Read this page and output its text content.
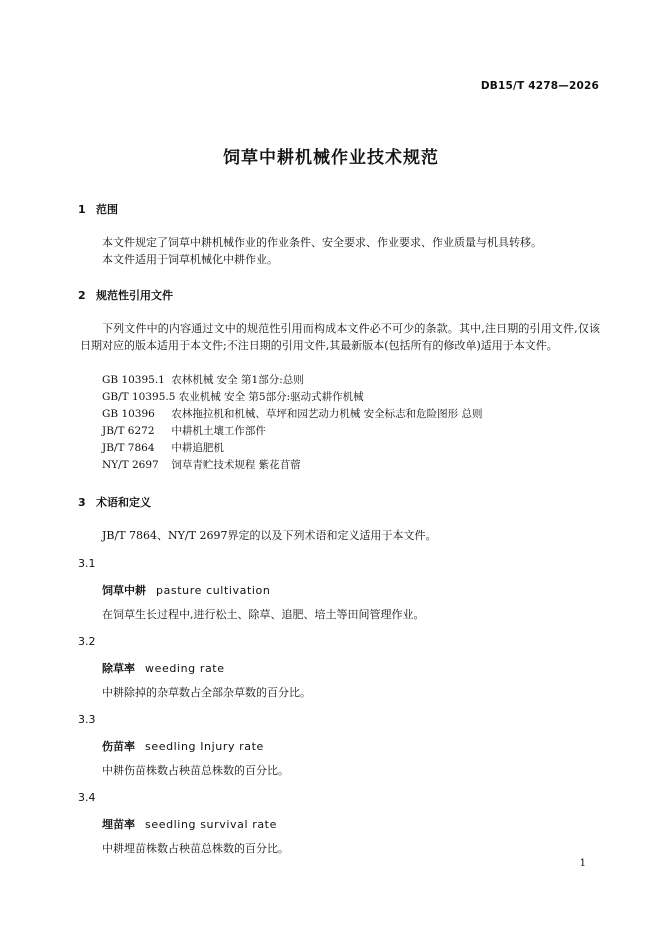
DB15/T 4278—2026
饲草中耕机械作业技术规范
1 范围
本文件规定了饲草中耕机械作业的作业条件、安全要求、作业要求、作业质量与机具转移。
本文件适用于饲草机械化中耕作业。
2 规范性引用文件
下列文件中的内容通过文中的规范性引用而构成本文件必不可少的条款。其中,注日期的引用文件,仅该日期对应的版本适用于本文件;不注日期的引用文件,其最新版本(包括所有的修改单)适用于本文件。
GB 10395.1 农林机械 安全 第1部分:总则
GB/T 10395.5 农业机械 安全 第5部分:驱动式耕作机械
GB 10396 农林拖拉机和机械、草坪和园艺动力机械 安全标志和危险图形 总则
JB/T 6272 中耕机土壤工作部件
JB/T 7864 中耕追肥机
NY/T 2697 饲草青贮技术规程 紫花苜蓿
3 术语和定义
JB/T 7864、NY/T 2697界定的以及下列术语和定义适用于本文件。
3.1
饲草中耕 pasture cultivation
在饲草生长过程中,进行松土、除草、追肥、培土等田间管理作业。
3.2
除草率 weeding rate
中耕除掉的杂草数占全部杂草数的百分比。
3.3
伤苗率 seedling Injury rate
中耕伤苗株数占秧苗总株数的百分比。
3.4
埋苗率 seedling survival rate
中耕埋苗株数占秧苗总株数的百分比。
1
